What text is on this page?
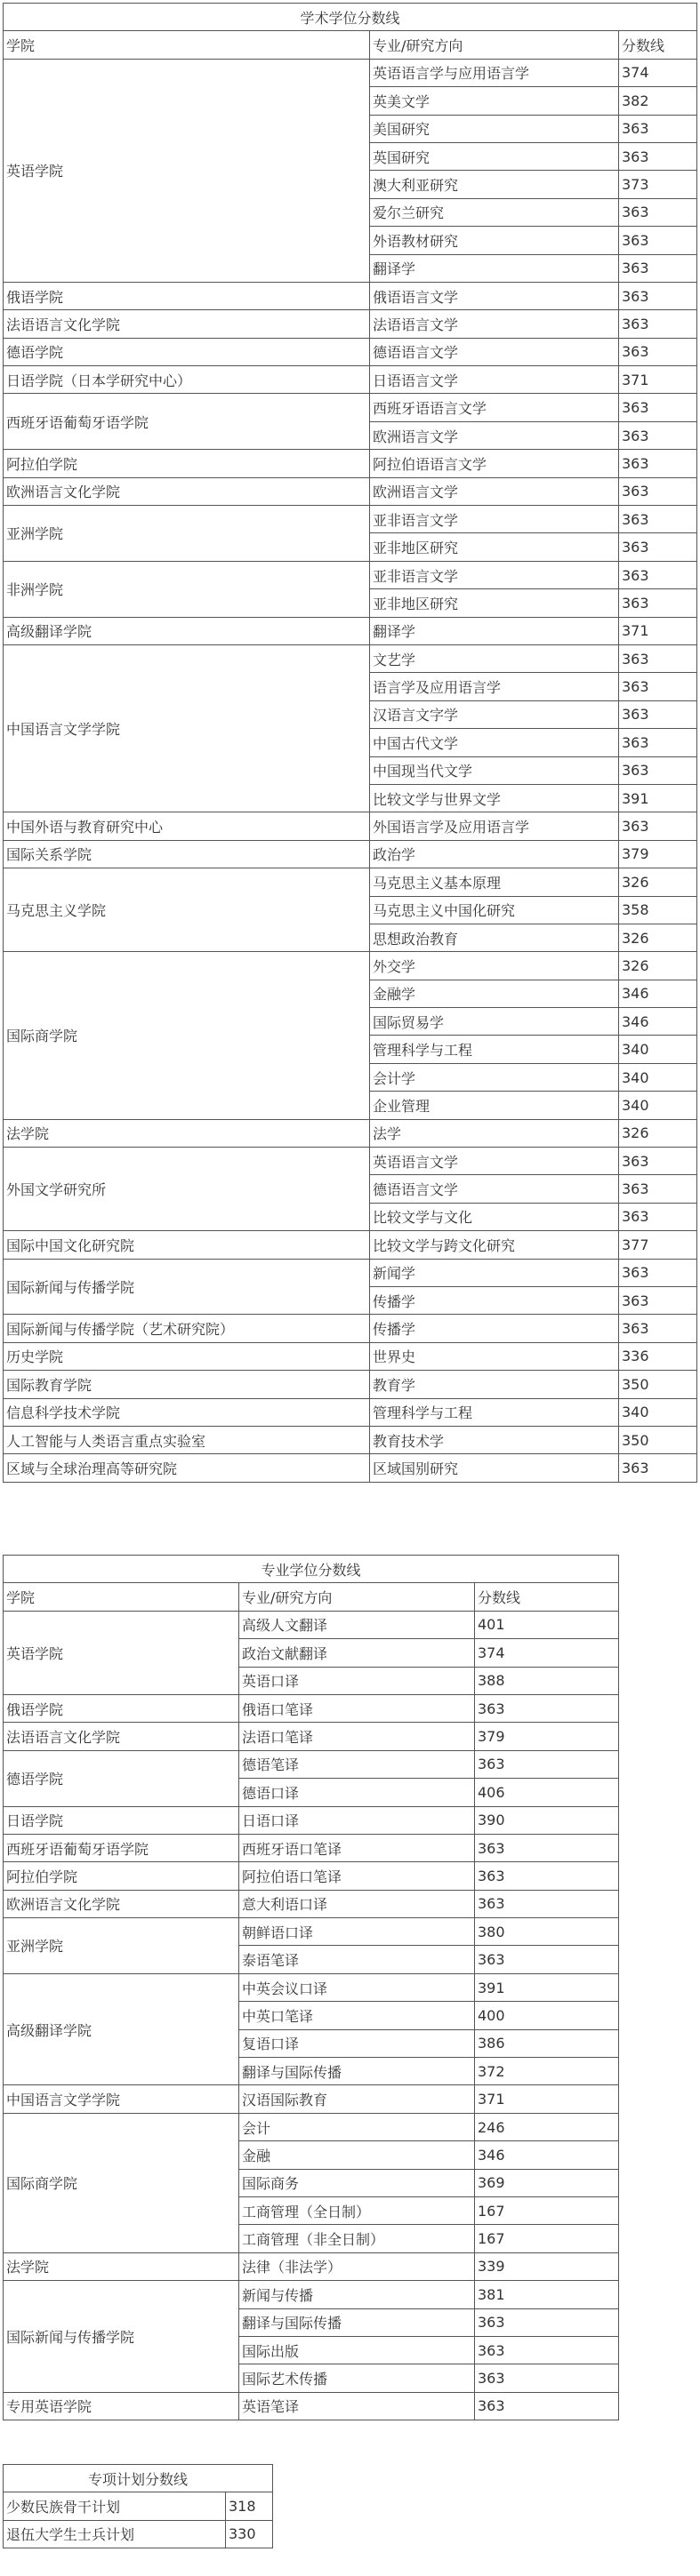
学术学位分数线		
学院	专业/研究方向	分数线
英语学院	英语语言学与应用语言学	374
	英美文学	382
	美国研究	363
	英国研究	363
	澳大利亚研究	373
	爱尔兰研究	363
	外语教材研究	363
	翻译学	363
俄语学院	俄语语言文学	363
法语语言文化学院	法语语言文学	363
德语学院	德语语言文学	363
日语学院（日本学研究中心）	日语语言文学	371
西班牙语葡萄牙语学院	西班牙语语言文学	363
	欧洲语言文学	363
阿拉伯学院	阿拉伯语语言文学	363
欧洲语言文化学院	欧洲语言文学	363
亚洲学院	亚非语言文学	363
	亚非地区研究	363
非洲学院	亚非语言文学	363
	亚非地区研究	363
高级翻译学院	翻译学	371
中国语言文学学院	文艺学	363
	语言学及应用语言学	363
	汉语言文字学	363
	中国古代文学	363
	中国现当代文学	363
	比较文学与世界文学	391
中国外语与教育研究中心	外国语言学及应用语言学	363
国际关系学院	政治学	379
马克思主义学院	马克思主义基本原理	326
	马克思主义中国化研究	358
	思想政治教育	326
国际商学院	外交学	326
	金融学	346
	国际贸易学	346
	管理科学与工程	340
	会计学	340
	企业管理	340
法学院	法学	326
外国文学研究所	英语语言文学	363
	德语语言文学	363
	比较文学与文化	363
国际中国文化研究院	比较文学与跨文化研究	377
国际新闻与传播学院	新闻学	363
	传播学	363
国际新闻与传播学院（艺术研究院）	传播学	363
历史学院	世界史	336
国际教育学院	教育学	350
信息科学技术学院	管理科学与工程	340
人工智能与人类语言重点实验室	教育技术学	350
区域与全球治理高等研究院	区域国别研究	363
专业学位分数线		
学院	专业/研究方向	分数线
英语学院	高级人文翻译	401
	政治文献翻译	374
	英语口译	388
俄语学院	俄语口笔译	363
法语语言文化学院	法语口笔译	379
德语学院	德语笔译	363
	德语口译	406
日语学院	日语口译	390
西班牙语葡萄牙语学院	西班牙语口笔译	363
阿拉伯学院	阿拉伯语口笔译	363
欧洲语言文化学院	意大利语口译	363
亚洲学院	朝鲜语口译	380
	泰语笔译	363
高级翻译学院	中英会议口译	391
	中英口笔译	400
	复语口译	386
	翻译与国际传播	372
中国语言文学学院	汉语国际教育	371
国际商学院	会计	246
	金融	346
	国际商务	369
	工商管理（全日制）	167
	工商管理（非全日制）	167
法学院	法律（非法学）	339
国际新闻与传播学院	新闻与传播	381
	翻译与国际传播	363
	国际出版	363
	国际艺术传播	363
专用英语学院	英语笔译	363
专项计划分数线	
少数民族骨干计划	318
退伍大学生士兵计划	330
